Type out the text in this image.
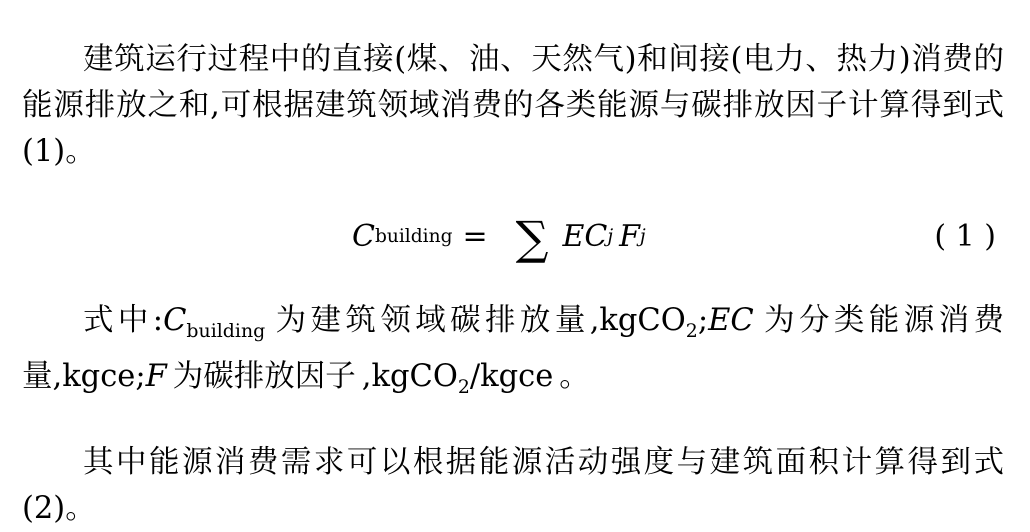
建筑运行过程中的直接(煤、油、天然气)和间接(电力、热力)消费的能源排放之和,可根据建筑领域消费的各类能源与碳排放因子计算得到式(1)。

C building = ∑ EC j F j	( 1 )

式中$:C_{building}$ 为建筑领域碳排放量,kgCO$_2$;EC 为分类能源消费量,kgce;F 为碳排放因子 ,kgCO$_2$/kgce 。

其中能源消费需求可以根据能源活动强度与建筑面积计算得到式(2)。
